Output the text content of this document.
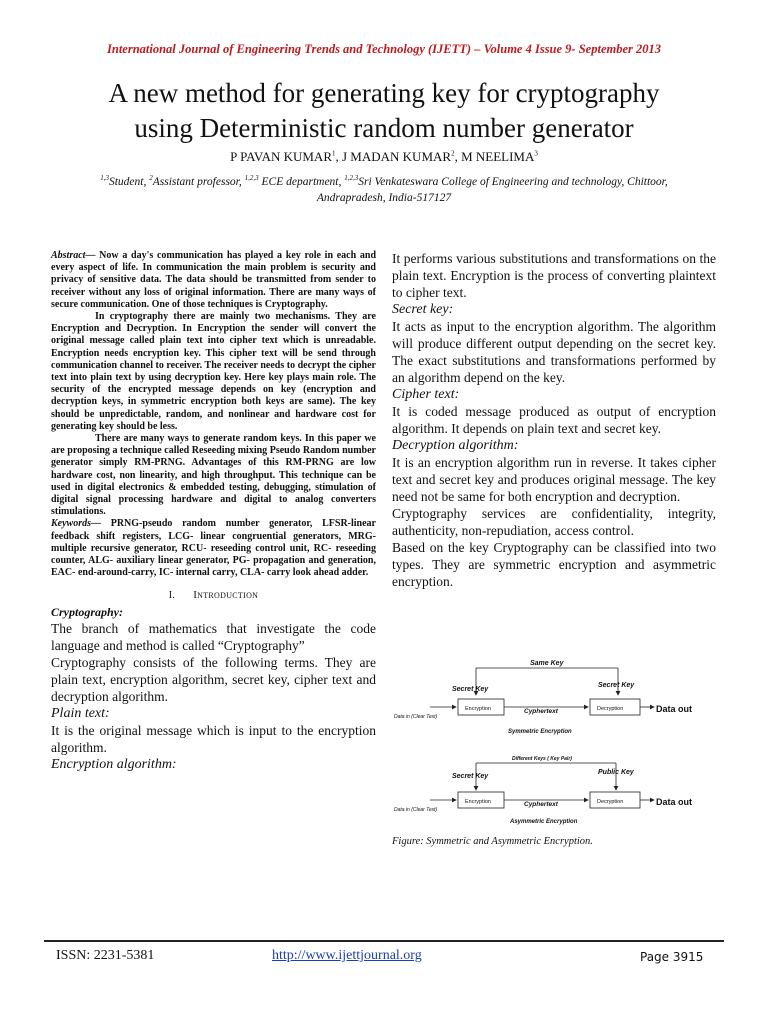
International Journal of Engineering Trends and Technology (IJETT) – Volume 4 Issue 9- September 2013
A new method for generating key for cryptography
using Deterministic random number generator
P PAVAN KUMAR$^1$, J MADAN KUMAR$^2$, M NEELIMA$^3$
$^{1,3}$Student, $^2$Assistant professor, $^{1,2,3}$ ECE department, $^{1,2,3}$Sri Venkateswara College of Engineering and technology, Chittoor,
Andrapradesh, India-517127

Abstract— Now a day's communication has played a key role in each and every aspect of life. In communication the main problem is security and privacy of sensitive data. The data should be transmitted from sender to receiver without any loss of original information. There are many ways of secure communication. One of those techniques is Cryptography.

In cryptography there are mainly two mechanisms. They are Encryption and Decryption. In Encryption the sender will convert the original message called plain text into cipher text which is unreadable. Encryption needs encryption key. This cipher text will be send through communication channel to receiver. The receiver needs to decrypt the cipher text into plain text by using decryption key. Here key plays main role. The security of the encrypted message depends on key (encryption and decryption keys, in symmetric encryption both keys are same). The key should be unpredictable, random, and nonlinear and hardware cost for generating key should be less.

There are many ways to generate random keys. In this paper we are proposing a technique called Reseeding mixing Pseudo Random number generator simply RM-PRNG. Advantages of this RM-PRNG are low hardware cost, non linearity, and high throughput. This technique can be used in digital electronics & embedded testing, debugging, stimulation of digital signal processing hardware and digital to analog converters stimulations.

Keywords— PRNG-pseudo random number generator, LFSR-linear feedback shift registers, LCG- linear congruential generators, MRG-multiple recursive generator, RCU- reseeding control unit, RC- reseeding counter, ALG- auxiliary linear generator, PG- propagation and generation, EAC- end-around-carry, IC- internal carry, CLA- carry look ahead adder.

I. Introduction
Cryptography:

The branch of mathematics that investigate the code language and method is called “Cryptography”

Cryptography consists of the following terms. They are plain text, encryption algorithm, secret key, cipher text and decryption algorithm.

Plain text:

It is the original message which is input to the encryption algorithm.

Encryption algorithm:

It performs various substitutions and transformations on the plain text. Encryption is the process of converting plaintext to cipher text.

Secret key:

It acts as input to the encryption algorithm. The algorithm will produce different output depending on the secret key. The exact substitutions and transformations performed by an algorithm depend on the key.

Cipher text:

It is coded message produced as output of encryption algorithm. It depends on plain text and secret key.

Decryption algorithm:

It is an encryption algorithm run in reverse. It takes cipher text and secret key and produces original message. The key need not be same for both encryption and decryption.

Cryptography services are confidentiality, integrity, authenticity, non-repudiation, access control.

Based on the key Cryptography can be classified into two types. They are symmetric encryption and asymmetric encryption.

Same Key
Secret Key
Secret Key
Data in (Clear Text)
Encryption	Cyphertext	Decryption	Data out
Symmetric Encryption
Different Keys ( Key Pair)
Secret Key
Public Key
Data in (Clear Text)
Encryption	Cyphertext	Decryption	Data out
Asymmetric Encryption
Figure: Symmetric and Asymmetric Encryption.
ISSN: 2231-5381	http://www.ijettjournal.org	Page 3915
